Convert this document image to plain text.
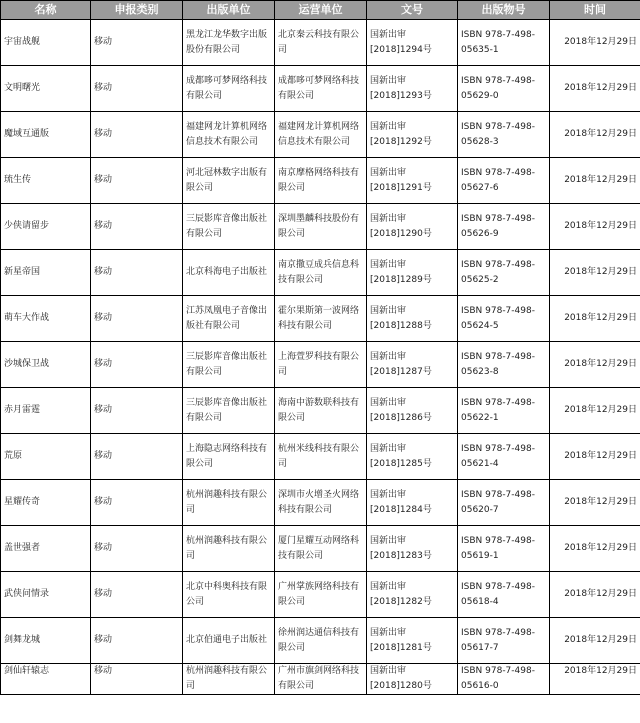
名称	申报类别	出版单位	运营单位	文号	出版物号	时间

宇宙战舰	移动	黑龙江龙华数字出版股份有限公司	北京秦云科技有限公司	国新出审[2018]1294号	ISBN 978-7-498-05635-1	2018年12月29日

文明曙光	移动	成都哆可梦网络科技有限公司	成都哆可梦网络科技有限公司	国新出审[2018]1293号	ISBN 978-7-498-05629-0	2018年12月29日

魔域互通版	移动	福建网龙计算机网络信息技术有限公司	福建网龙计算机网络信息技术有限公司	国新出审[2018]1292号	ISBN 978-7-498-05628-3	2018年12月29日

琉生传	移动	河北冠林数字出版有限公司	南京摩格网络科技有限公司	国新出审[2018]1291号	ISBN 978-7-498-05627-6	2018年12月29日

少侠请留步	移动	三辰影库音像出版社有限公司	深圳墨麟科技股份有限公司	国新出审[2018]1290号	ISBN 978-7-498-05626-9	2018年12月29日

新星帝国	移动	北京科海电子出版社	南京撒豆成兵信息科技有限公司	国新出审[2018]1289号	ISBN 978-7-498-05625-2	2018年12月29日

萌车大作战	移动	江苏凤凰电子音像出版社有限公司	霍尔果斯第一波网络科技有限公司	国新出审[2018]1288号	ISBN 978-7-498-05624-5	2018年12月29日

沙城保卫战	移动	三辰影库音像出版社有限公司	上海萱罗科技有限公司	国新出审[2018]1287号	ISBN 978-7-498-05623-8	2018年12月29日

赤月雷霆	移动	三辰影库音像出版社有限公司	海南中游数联科技有限公司	国新出审[2018]1286号	ISBN 978-7-498-05622-1	2018年12月29日

荒原	移动	上海隐志网络科技有限公司	杭州米线科技有限公司	国新出审[2018]1285号	ISBN 978-7-498-05621-4	2018年12月29日

星耀传奇	移动	杭州润趣科技有限公司	深圳市火增圣火网络科技有限公司	国新出审[2018]1284号	ISBN 978-7-498-05620-7	2018年12月29日

盖世强者	移动	杭州润趣科技有限公司	厦门星耀互动网络科技有限公司	国新出审[2018]1283号	ISBN 978-7-498-05619-1	2018年12月29日

武侠问情录	移动	北京中科奥科技有限公司	广州掌族网络科技有限公司	国新出审[2018]1282号	ISBN 978-7-498-05618-4	2018年12月29日

剑舞龙城	移动	北京伯通电子出版社	徐州润达通信科技有限公司	国新出审[2018]1281号	ISBN 978-7-498-05617-7	2018年12月29日

剑仙轩辕志	移动	杭州润趣科技有限公司	广州市旗剑网络科技有限公司	国新出审[2018]1280号	ISBN 978-7-498-05616-0	2018年12月29日
